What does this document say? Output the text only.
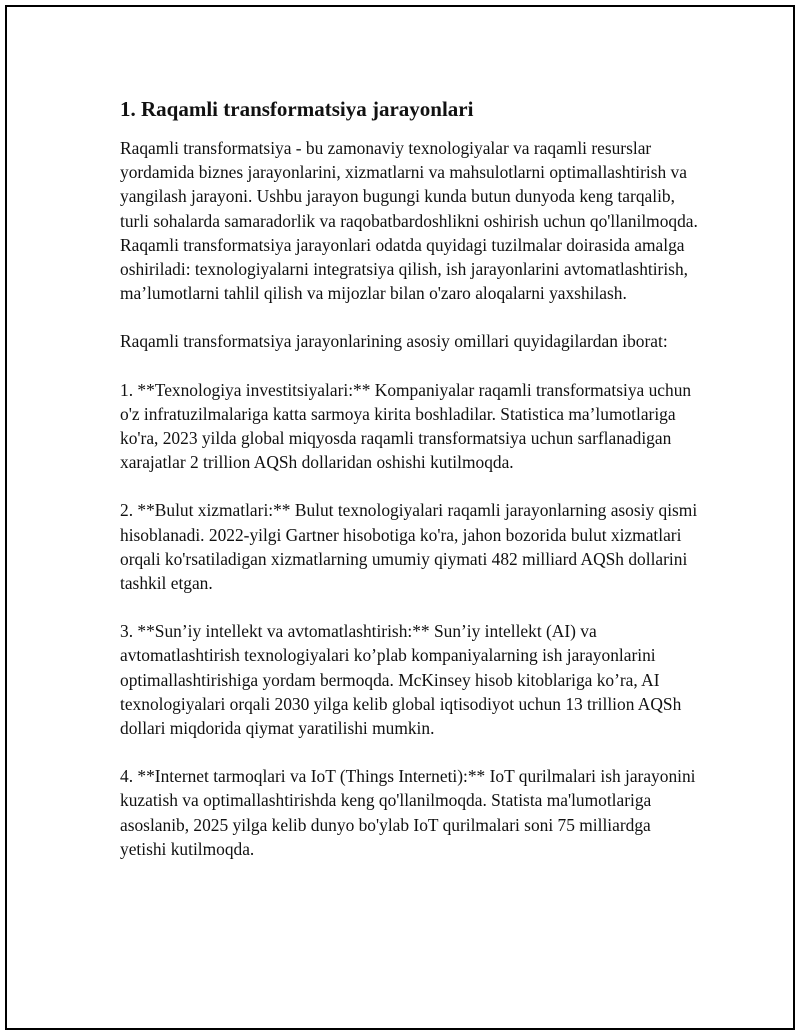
1. Raqamli transformatsiya jarayonlari

Raqamli transformatsiya - bu zamonaviy texnologiyalar va raqamli resurslar yordamida biznes jarayonlarini, xizmatlarni va mahsulotlarni optimallashtirish va yangilash jarayoni. Ushbu jarayon bugungi kunda butun dunyoda keng tarqalib, turli sohalarda samaradorlik va raqobatbardoshlikni oshirish uchun qo'llanilmoqda. Raqamli transformatsiya jarayonlari odatda quyidagi tuzilmalar doirasida amalga oshiriladi: texnologiyalarni integratsiya qilish, ish jarayonlarini avtomatlashtirish, ma’lumotlarni tahlil qilish va mijozlar bilan o'zaro aloqalarni yaxshilash.

Raqamli transformatsiya jarayonlarining asosiy omillari quyidagilardan iborat:

1. **Texnologiya investitsiyalari:** Kompaniyalar raqamli transformatsiya uchun o'z infratuzilmalariga katta sarmoya kirita boshladilar. Statistica ma’lumotlariga ko'ra, 2023 yilda global miqyosda raqamli transformatsiya uchun sarflanadigan xarajatlar 2 trillion AQSh dollaridan oshishi kutilmoqda.

2. **Bulut xizmatlari:** Bulut texnologiyalari raqamli jarayonlarning asosiy qismi hisoblanadi. 2022-yilgi Gartner hisobotiga ko'ra, jahon bozorida bulut xizmatlari orqali ko'rsatiladigan xizmatlarning umumiy qiymati 482 milliard AQSh dollarini tashkil etgan.

3. **Sun’iy intellekt va avtomatlashtirish:** Sun’iy intellekt (AI) va avtomatlashtirish texnologiyalari ko’plab kompaniyalarning ish jarayonlarini optimallashtirishiga yordam bermoqda. McKinsey hisob kitoblariga ko’ra, AI texnologiyalari orqali 2030 yilga kelib global iqtisodiyot uchun 13 trillion AQSh dollari miqdorida qiymat yaratilishi mumkin.

4. **Internet tarmoqlari va IoT (Things Interneti):** IoT qurilmalari ish jarayonini kuzatish va optimallashtirishda keng qo'llanilmoqda. Statista ma'lumotlariga asoslanib, 2025 yilga kelib dunyo bo'ylab IoT qurilmalari soni 75 milliardga yetishi kutilmoqda.
